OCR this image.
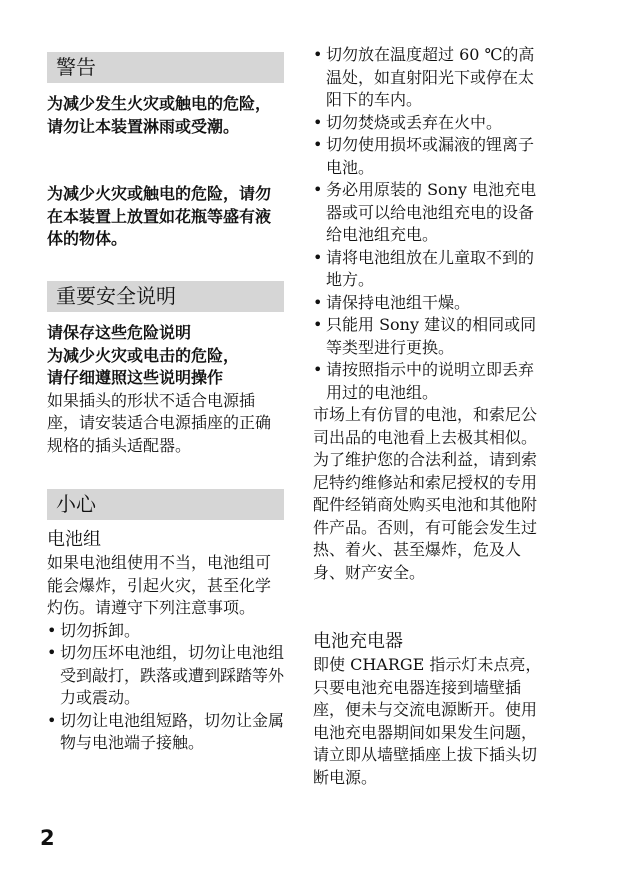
警告

为减少发生火灾或触电的危险，请勿让本装置淋雨或受潮。

为减少火灾或触电的危险，请勿在本装置上放置如花瓶等盛有液体的物体。

重要安全说明

请保存这些危险说明

为减少火灾或电击的危险，

请仔细遵照这些说明操作

如果插头的形状不适合电源插座，请安装适合电源插座的正确规格的插头适配器。

小心

电池组

如果电池组使用不当，电池组可能会爆炸，引起火灾，甚至化学灼伤。请遵守下列注意事项。

• 切勿拆卸。
• 切勿压坏电池组，切勿让电池组受到敲打，跌落或遭到踩踏等外力或震动。
• 切勿让电池组短路，切勿让金属物与电池端子接触。
• 切勿放在温度超过 60 ℃的高温处，如直射阳光下或停在太阳下的车内。
• 切勿焚烧或丢弃在火中。
• 切勿使用损坏或漏液的锂离子电池。
• 务必用原装的 Sony 电池充电器或可以给电池组充电的设备给电池组充电。
• 请将电池组放在儿童取不到的地方。
• 请保持电池组干燥。
• 只能用 Sony 建议的相同或同等类型进行更换。
• 请按照指示中的说明立即丢弃用过的电池组。

市场上有仿冒的电池，和索尼公司出品的电池看上去极其相似。为了维护您的合法利益，请到索尼特约维修站和索尼授权的专用配件经销商处购买电池和其他附件产品。否则，有可能会发生过热、着火、甚至爆炸，危及人身、财产安全。

电池充电器

即使 CHARGE 指示灯未点亮，只要电池充电器连接到墙壁插座，便未与交流电源断开。使用电池充电器期间如果发生问题，请立即从墙壁插座上拔下插头切断电源。

2
